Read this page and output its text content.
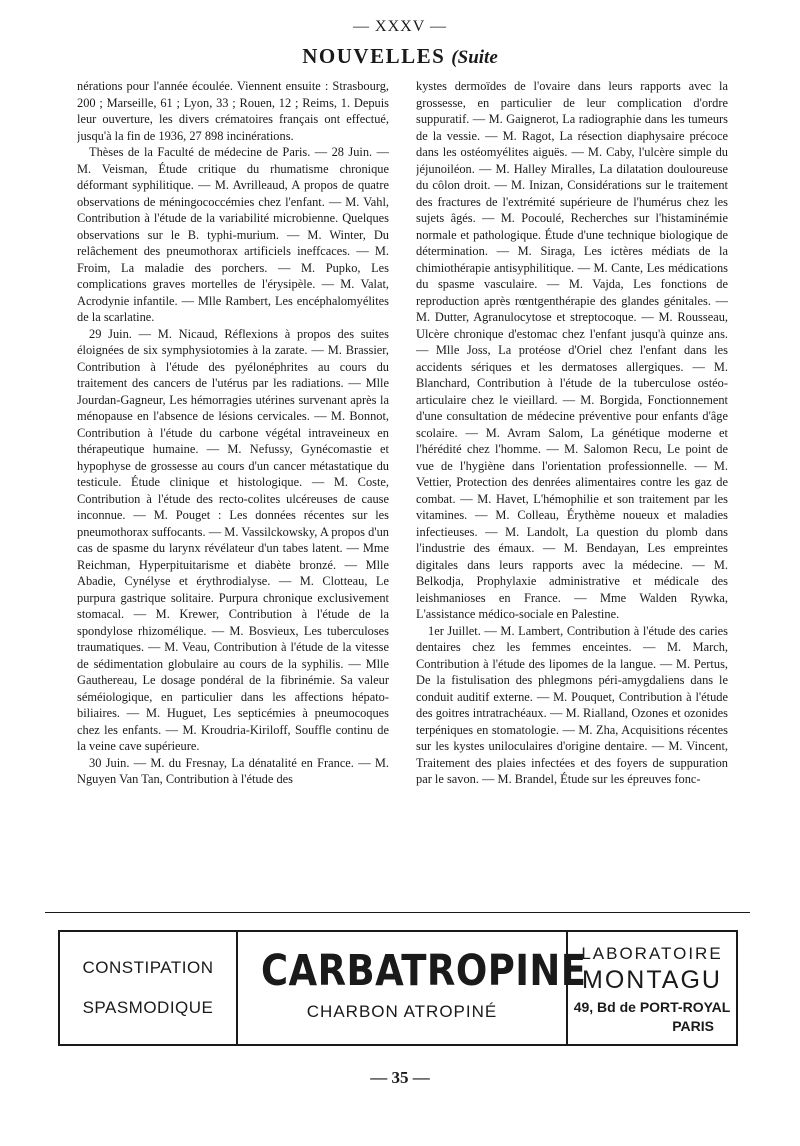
— XXXV —
NOUVELLES (Suite

nérations pour l'année écoulée. Viennent ensuite : Strasbourg, 200 ; Marseille, 61 ; Lyon, 33 ; Rouen, 12 ; Reims, 1. Depuis leur ouverture, les divers crématoires français ont effectué, jusqu'à la fin de 1936, 27 898 incinérations.

Thèses de la Faculté de médecine de Paris. — 28 Juin. — M. Veisman, Étude critique du rhumatisme chronique déformant syphilitique. — M. Avrilleaud, A propos de quatre observations de méningococcémies chez l'enfant. — M. Vahl, Contribution à l'étude de la variabilité microbienne. Quelques observations sur le B. typhi-murium. — M. Winter, Du relâchement des pneumothorax artificiels ineffcaces. — M. Froim, La maladie des porchers. — M. Pupko, Les complications graves mortelles de l'érysipèle. — M. Valat, Acrodynie infantile. — Mlle Rambert, Les encéphalomyélites de la scarlatine.

29 Juin. — M. Nicaud, Réflexions à propos des suites éloignées de six symphysiotomies à la zarate. — M. Brassier, Contribution à l'étude des pyélonéphrites au cours du traitement des cancers de l'utérus par les radiations. — Mlle Jourdan-Gagneur, Les hémorragies utérines survenant après la ménopause en l'absence de lésions cervicales. — M. Bonnot, Contribution à l'étude du carbone végétal intraveineux en thérapeutique humaine. — M. Nefussy, Gynécomastie et hypophyse de grossesse au cours d'un cancer métastatique du testicule. Étude clinique et histologique. — M. Coste, Contribution à l'étude des recto-colites ulcéreuses de cause inconnue. — M. Pouget : Les données récentes sur les pneumothorax suffocants. — M. Vassilckowsky, A propos d'un cas de spasme du larynx révélateur d'un tabes latent. — Mme Reichman, Hyperpituitarisme et diabète bronzé. — Mlle Abadie, Cynélyse et érythrodialyse. — M. Clotteau, Le purpura gastrique solitaire. Purpura chronique exclusivement stomacal. — M. Krewer, Contribution à l'étude de la spondylose rhizomélique. — M. Bosvieux, Les tuberculoses traumatiques. — M. Veau, Contribution à l'étude de la vitesse de sédimentation globulaire au cours de la syphilis. — Mlle Gauthereau, Le dosage pondéral de la fibrinémie. Sa valeur séméiologique, en particulier dans les affections hépato-biliaires. — M. Huguet, Les septicémies à pneumocoques chez les enfants. — M. Kroudria-Kiriloff, Souffle continu de la veine cave supérieure.

30 Juin. — M. du Fresnay, La dénatalité en France. — M. Nguyen Van Tan, Contribution à l'étude des

kystes dermoïdes de l'ovaire dans leurs rapports avec la grossesse, en particulier de leur complication d'ordre suppuratif. — M. Gaignerot, La radiographie dans les tumeurs de la vessie. — M. Ragot, La résection diaphysaire précoce dans les ostéomyélites aiguës. — M. Caby, l'ulcère simple du jéjunoiléon. — M. Halley Miralles, La dilatation douloureuse du côlon droit. — M. Inizan, Considérations sur le traitement des fractures de l'extrémité supérieure de l'humérus chez les sujets âgés. — M. Pocoulé, Recherches sur l'histaminémie normale et pathologique. Étude d'une technique biologique de détermination. — M. Siraga, Les ictères médiats de la chimiothérapie antisyphilitique. — M. Cante, Les médications du spasme vasculaire. — M. Vajda, Les fonctions de reproduction après rœntgenthérapie des glandes génitales. — M. Dutter, Agranulocytose et streptocoque. — M. Rousseau, Ulcère chronique d'estomac chez l'enfant jusqu'à quinze ans. — Mlle Joss, La protéose d'Oriel chez l'enfant dans les accidents sériques et les dermatoses allergiques. — M. Blanchard, Contribution à l'étude de la tuberculose ostéo-articulaire chez le vieillard. — M. Borgida, Fonctionnement d'une consultation de médecine préventive pour enfants d'âge scolaire. — M. Avram Salom, La génétique moderne et l'hérédité chez l'homme. — M. Salomon Recu, Le point de vue de l'hygiène dans l'orientation professionnelle. — M. Vettier, Protection des denrées alimentaires contre les gaz de combat. — M. Havet, L'hémophilie et son traitement par les vitamines. — M. Colleau, Érythème noueux et maladies infectieuses. — M. Landolt, La question du plomb dans l'industrie des émaux. — M. Bendayan, Les empreintes digitales dans leurs rapports avec la médecine. — M. Belkodja, Prophylaxie administrative et médicale des leishmanioses en France. — Mme Walden Rywka, L'assistance médico-sociale en Palestine.

1er Juillet. — M. Lambert, Contribution à l'étude des caries dentaires chez les femmes enceintes. — M. March, Contribution à l'étude des lipomes de la langue. — M. Pertus, De la fistulisation des phlegmons péri-amygdaliens dans le conduit auditif externe. — M. Pouquet, Contribution à l'étude des goitres intratrachéaux. — M. Rialland, Ozones et ozonides terpéniques en stomatologie. — M. Zha, Acquisitions récentes sur les kystes uniloculaires d'origine dentaire. — M. Vincent, Traitement des plaies infectées et des foyers de suppuration par le savon. — M. Brandel, Étude sur les épreuves fonc-

CONSTIPATION
SPASMODIQUE
CARBATROPINE
CHARBON ATROPINÉ
LABORATOIRE
MONTAGU
49, Bd de PORT-ROYAL
PARIS
— 35 —
